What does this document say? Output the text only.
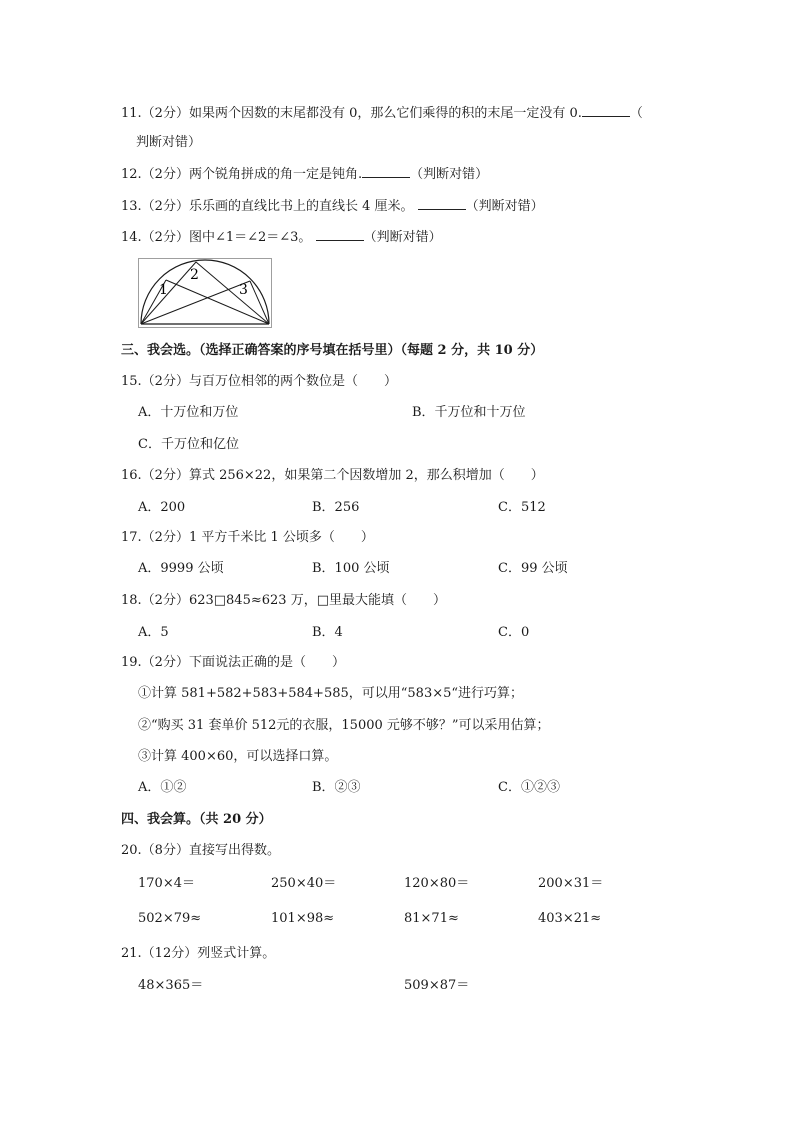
11.（2分）如果两个因数的末尾都没有 0，那么它们乘得的积的末尾一定没有 0.	（
判断对错）
12.（2分）两个锐角拼成的角一定是钝角.	（判断对错）
13.（2分）乐乐画的直线比书上的直线长 4 厘米。	（判断对错）
14.（2分）图中∠1＝∠2＝∠3。	（判断对错）
1
2
3
三、我会选。（选择正确答案的序号填在括号里）（每题 2 分，共 10 分）
15.（2分）与百万位相邻的两个数位是（　　）
A．十万位和万位	B．千万位和十万位
C．千万位和亿位
16.（2分）算式 256×22，如果第二个因数增加 2，那么积增加（　　）
A．200	B．256	C．512
17.（2分）1 平方千米比 1 公顷多（　　）
A．9999 公顷	B．100 公顷	C．99 公顷
18.（2分）623□845≈623 万，□里最大能填（　　）
A．5	B．4	C．0
19.（2分）下面说法正确的是（　　）
①计算 581+582+583+584+585，可以用“583×5“进行巧算；
②“购买 31 套单价 512元的衣服，15000 元够不够？”可以采用估算；
③计算 400×60，可以选择口算。
A．①②	B．②③	C．①②③
四、我会算。（共 20 分）
20.（8分）直接写出得数。
170×4＝	250×40＝	120×80＝	200×31＝
502×79≈	101×98≈	81×71≈	403×21≈
21.（12分）列竖式计算。
48×365＝	509×87＝
